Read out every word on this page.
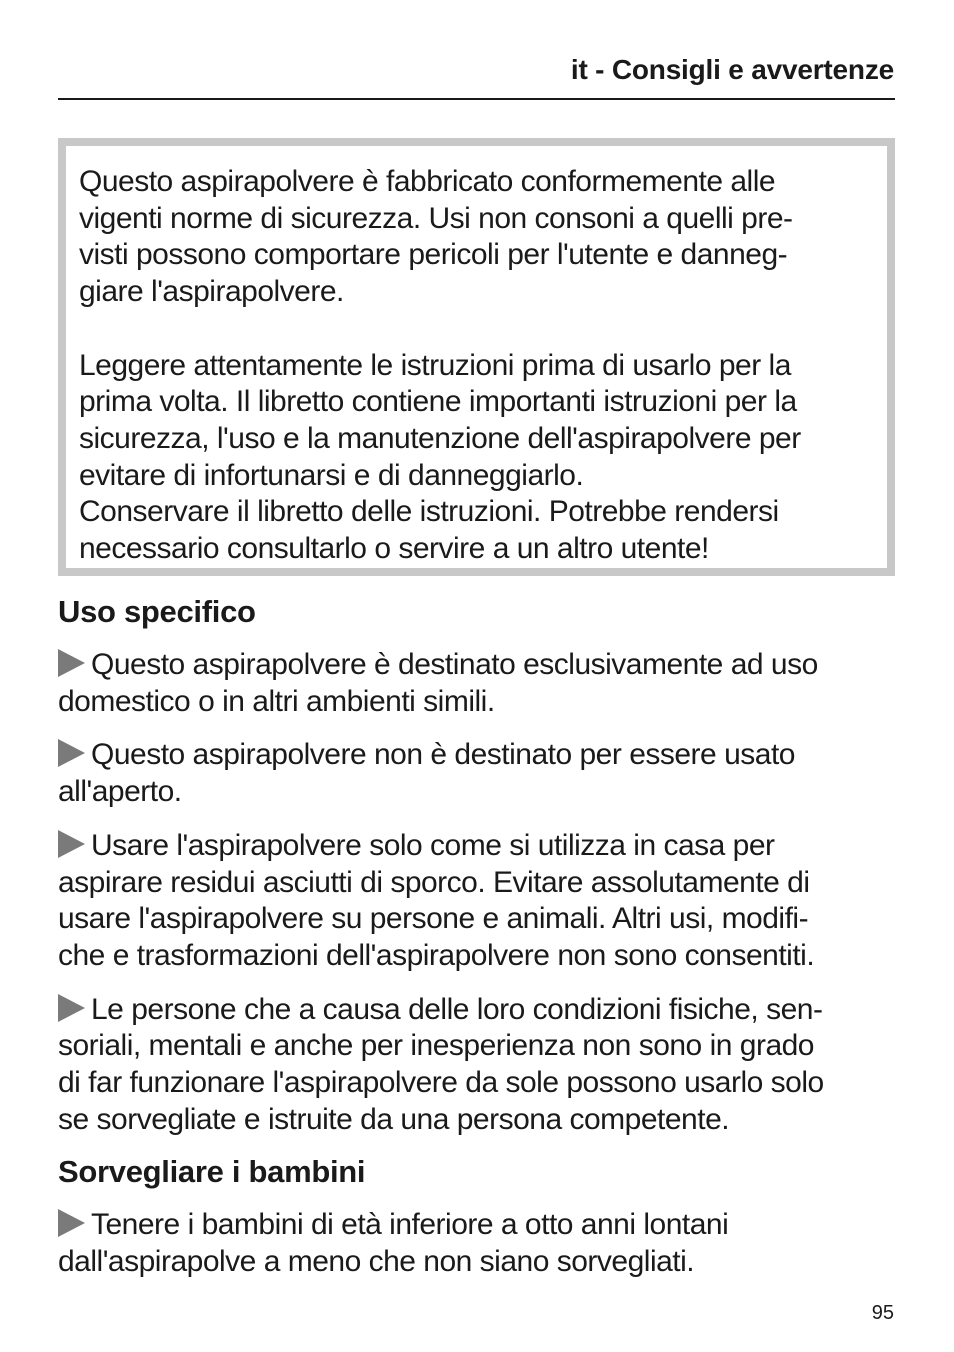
it - Consigli e avvertenze

Questo aspirapolvere è fabbricato conformemente alle
vigenti norme di sicurezza. Usi non consoni a quelli pre-
visti possono comportare pericoli per l'utente e danneg-
giare l'aspirapolvere.

Leggere attentamente le istruzioni prima di usarlo per la
prima volta. Il libretto contiene importanti istruzioni per la
sicurezza, l'uso e la manutenzione dell'aspirapolvere per
evitare di infortunarsi e di danneggiarlo.
Conservare il libretto delle istruzioni. Potrebbe rendersi
necessario consultarlo o servire a un altro utente!

Uso specifico

Questo aspirapolvere è destinato esclusivamente ad uso
domestico o in altri ambienti simili.

Questo aspirapolvere non è destinato per essere usato
all'aperto.

Usare l'aspirapolvere solo come si utilizza in casa per
aspirare residui asciutti di sporco. Evitare assolutamente di
usare l'aspirapolvere su persone e animali. Altri usi, modifi-
che e trasformazioni dell'aspirapolvere non sono consentiti.

Le persone che a causa delle loro condizioni fisiche, sen-
soriali, mentali e anche per inesperienza non sono in grado
di far funzionare l'aspirapolvere da sole possono usarlo solo
se sorvegliate e istruite da una persona competente.

Sorvegliare i bambini

Tenere i bambini di età inferiore a otto anni lontani
dall'aspirapolve a meno che non siano sorvegliati.

95
